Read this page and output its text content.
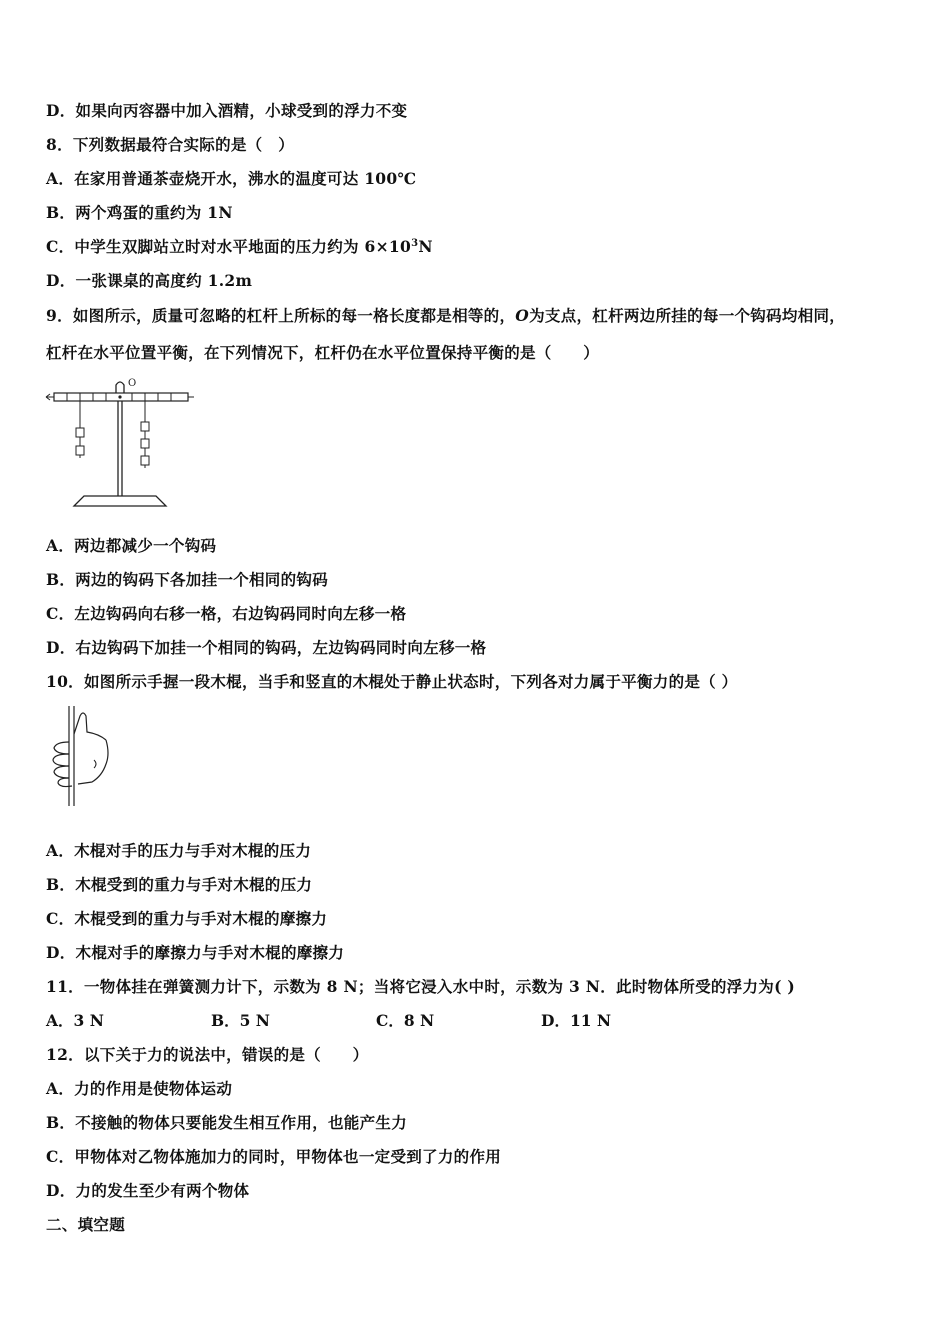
D．如果向丙容器中加入酒精，小球受到的浮力不变
8．下列数据最符合实际的是（　）
A．在家用普通茶壶烧开水，沸水的温度可达 100℃
B．两个鸡蛋的重约为 1N
C．中学生双脚站立时对水平地面的压力约为 $6\times 10^3N$
D．一张课桌的高度约 1.2m
9．如图所示，质量可忽略的杠杆上所标的每一格长度都是相等的，O为支点，杠杆两边所挂的每一个钩码均相同，
杠杆在水平位置平衡，在下列情况下，杠杆仍在水平位置保持平衡的是（　　）
O
A．两边都减少一个钩码
B．两边的钩码下各加挂一个相同的钩码
C．左边钩码向右移一格，右边钩码同时向左移一格
D．右边钩码下加挂一个相同的钩码，左边钩码同时向左移一格
10．如图所示手握一段木棍，当手和竖直的木棍处于静止状态时，下列各对力属于平衡力的是（ ）
A．木棍对手的压力与手对木棍的压力
B．木棍受到的重力与手对木棍的压力
C．木棍受到的重力与手对木棍的摩擦力
D．木棍对手的摩擦力与手对木棍的摩擦力
11．一物体挂在弹簧测力计下，示数为 8 N；当将它浸入水中时，示数为 3 N．此时物体所受的浮力为( )
A．3 N	B．5 N	C．8 N	D．11 N
12．以下关于力的说法中，错误的是（　　）
A．力的作用是使物体运动
B．不接触的物体只要能发生相互作用，也能产生力
C．甲物体对乙物体施加力的同时，甲物体也一定受到了力的作用
D．力的发生至少有两个物体
二、填空题
